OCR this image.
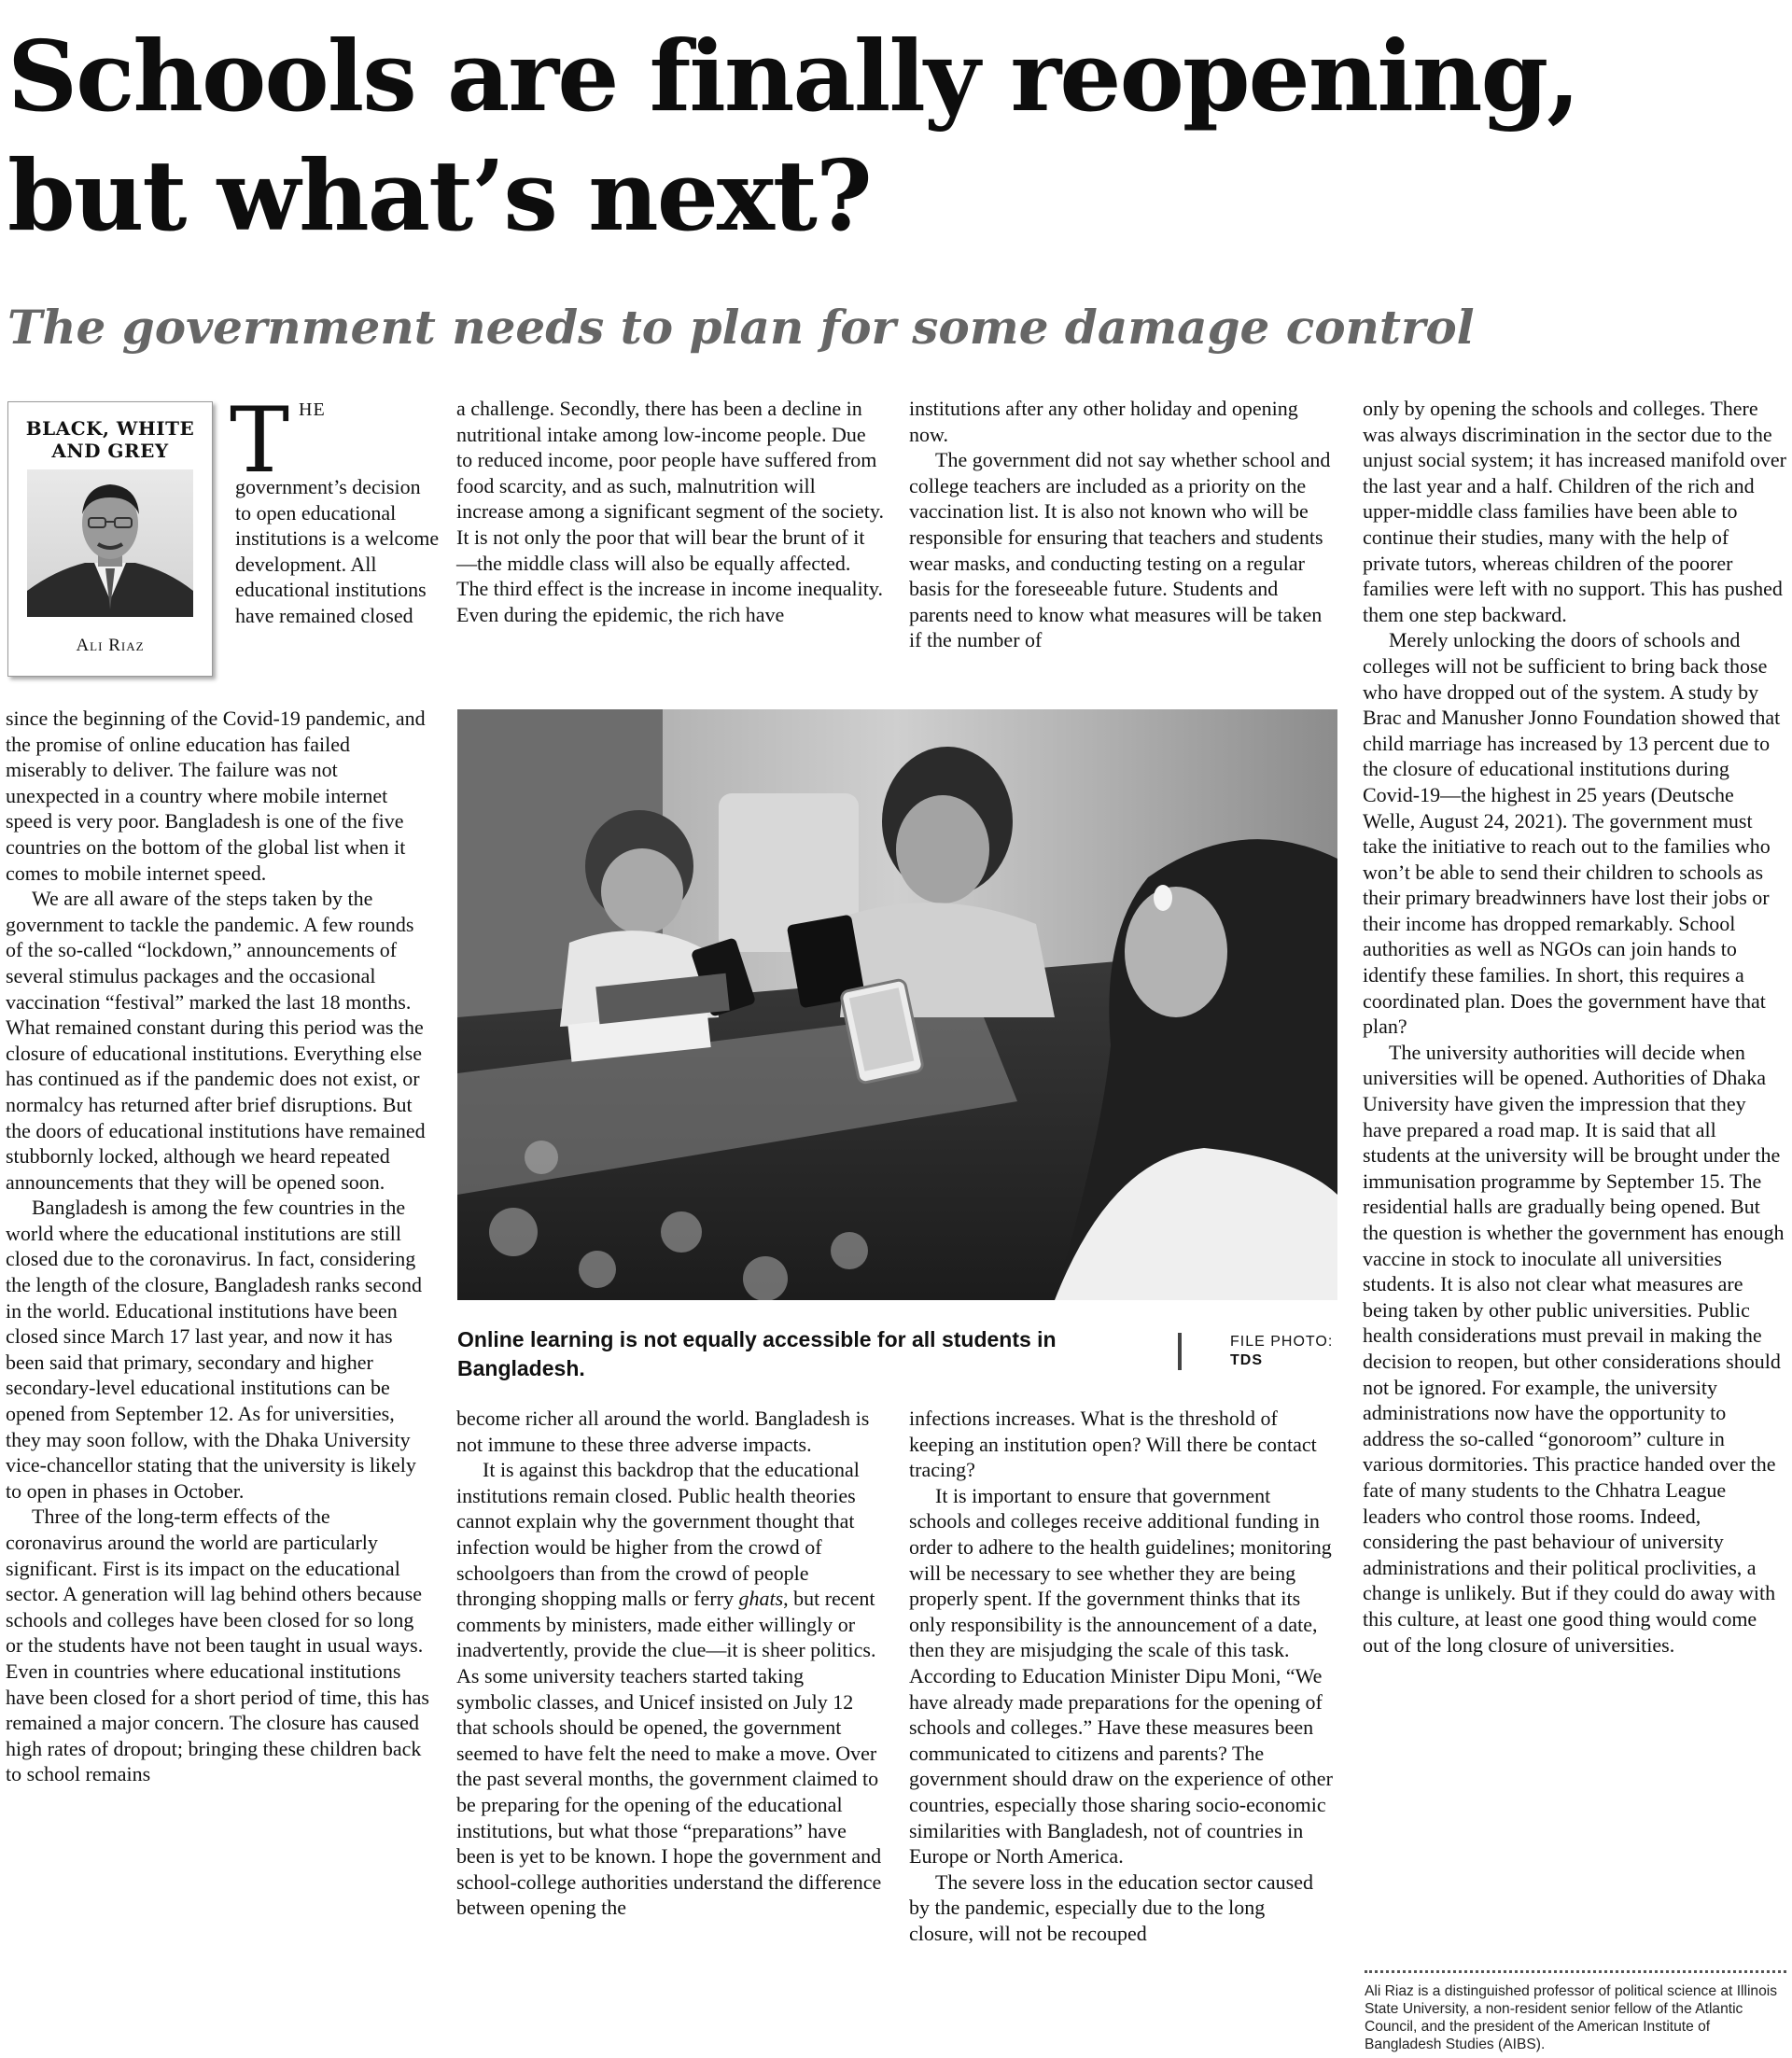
Schools are finally reopening,
but what’s next?
The government needs to plan for some damage control
BLACK, WHITE
AND GREY
Ali Riaz
T HE

government’s decision to open educational institutions is a welcome development. All educational institutions have remained closed

since the beginning of the Covid-19 pandemic, and the promise of online education has failed miserably to deliver. The failure was not unexpected in a country where mobile internet speed is very poor. Bangladesh is one of the five countries on the bottom of the global list when it comes to mobile internet speed.

We are all aware of the steps taken by the government to tackle the pandemic. A few rounds of the so-called “lockdown,” announcements of several stimulus packages and the occasional vaccination “festival” marked the last 18 months. What remained constant during this period was the closure of educational institutions. Everything else has continued as if the pandemic does not exist, or normalcy has returned after brief disruptions. But the doors of educational institutions have remained stubbornly locked, although we heard repeated announcements that they will be opened soon.

Bangladesh is among the few countries in the world where the educational institutions are still closed due to the coronavirus. In fact, considering the length of the closure, Bangladesh ranks second in the world. Educational institutions have been closed since March 17 last year, and now it has been said that primary, secondary and higher secondary-level educational institutions can be opened from September 12. As for universities, they may soon follow, with the Dhaka University vice-chancellor stating that the university is likely to open in phases in October.

Three of the long-term effects of the coronavirus around the world are particularly significant. First is its impact on the educational sector. A generation will lag behind others because schools and colleges have been closed for so long or the students have not been taught in usual ways. Even in countries where educational institutions have been closed for a short period of time, this has remained a major concern. The closure has caused high rates of dropout; bringing these children back to school remains

a challenge. Secondly, there has been a decline in nutritional intake among low-income people. Due to reduced income, poor people have suffered from food scarcity, and as such, malnutrition will increase among a significant segment of the society. It is not only the poor that will bear the brunt of it—the middle class will also be equally affected. The third effect is the increase in income inequality. Even during the epidemic, the rich have

institutions after any other holiday and opening now.

The government did not say whether school and college teachers are included as a priority on the vaccination list. It is also not known who will be responsible for ensuring that teachers and students wear masks, and conducting testing on a regular basis for the foreseeable future. Students and parents need to know what measures will be taken if the number of

only by opening the schools and colleges. There was always discrimination in the sector due to the unjust social system; it has increased manifold over the last year and a half. Children of the rich and upper-middle class families have been able to continue their studies, many with the help of private tutors, whereas children of the poorer families were left with no support. This has pushed them one step backward.

Merely unlocking the doors of schools and colleges will not be sufficient to bring back those who have dropped out of the system. A study by Brac and Manusher Jonno Foundation showed that child marriage has increased by 13 percent due to the closure of educational institutions during Covid-19—the highest in 25 years (Deutsche Welle, August 24, 2021). The government must take the initiative to reach out to the families who won’t be able to send their children to schools as their primary breadwinners have lost their jobs or their income has dropped remarkably. School authorities as well as NGOs can join hands to identify these families. In short, this requires a coordinated plan. Does the government have that plan?

The university authorities will decide when universities will be opened. Authorities of Dhaka University have given the impression that they have prepared a road map. It is said that all students at the university will be brought under the immunisation programme by September 15. The residential halls are gradually being opened. But the question is whether the government has enough vaccine in stock to inoculate all universities students. It is also not clear what measures are being taken by other public universities. Public health considerations must prevail in making the decision to reopen, but other considerations should not be ignored. For example, the university administrations now have the opportunity to address the so-called “gonoroom” culture in various dormitories. This practice handed over the fate of many students to the Chhatra League leaders who control those rooms. Indeed, considering the past behaviour of university administrations and their political proclivities, a change is unlikely. But if they could do away with this culture, at least one good thing would come out of the long closure of universities.

Online learning is not equally accessible for all students in Bangladesh.
FILE PHOTO:
TDS

become richer all around the world. Bangladesh is not immune to these three adverse impacts.

It is against this backdrop that the educational institutions remain closed. Public health theories cannot explain why the government thought that infection would be higher from the crowd of schoolgoers than from the crowd of people thronging shopping malls or ferry ghats, but recent comments by ministers, made either willingly or inadvertently, provide the clue—it is sheer politics. As some university teachers started taking symbolic classes, and Unicef insisted on July 12 that schools should be opened, the government seemed to have felt the need to make a move. Over the past several months, the government claimed to be preparing for the opening of the educational institutions, but what those “preparations” have been is yet to be known. I hope the government and school-college authorities understand the difference between opening the

infections increases. What is the threshold of keeping an institution open? Will there be contact tracing?

It is important to ensure that government schools and colleges receive additional funding in order to adhere to the health guidelines; monitoring will be necessary to see whether they are being properly spent. If the government thinks that its only responsibility is the announcement of a date, then they are misjudging the scale of this task. According to Education Minister Dipu Moni, “We have already made preparations for the opening of schools and colleges.” Have these measures been communicated to citizens and parents? The government should draw on the experience of other countries, especially those sharing socio-economic similarities with Bangladesh, not of countries in Europe or North America.

The severe loss in the education sector caused by the pandemic, especially due to the long closure, will not be recouped

Ali Riaz is a distinguished professor of political science at Illinois State University, a non-resident senior fellow of the Atlantic Council, and the president of the American Institute of Bangladesh Studies (AIBS).
